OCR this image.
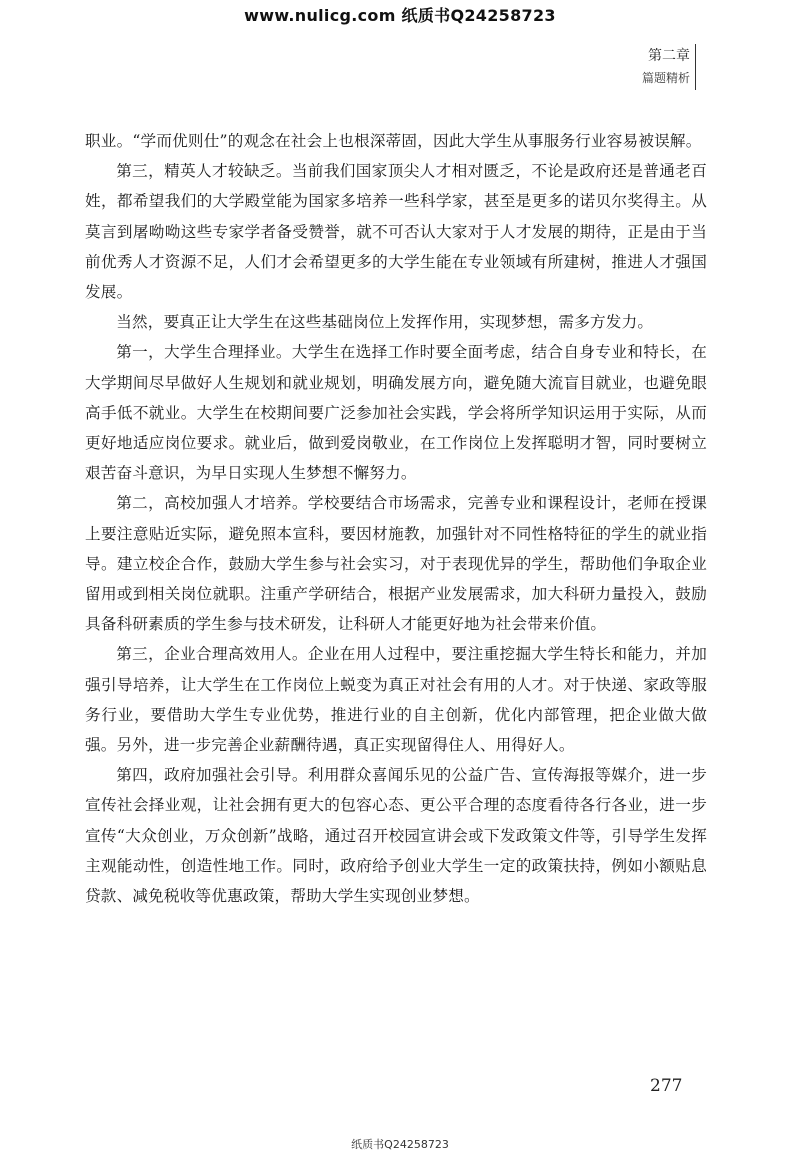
www.nulicg.com 纸质书Q24258723
第二章
篇题精析

职业。“学而优则仕”的观念在社会上也根深蒂固，因此大学生从事服务行业容易被误解。

第三，精英人才较缺乏。当前我们国家顶尖人才相对匮乏，不论是政府还是普通老百姓，都希望我们的大学殿堂能为国家多培养一些科学家，甚至是更多的诺贝尔奖得主。从莫言到屠呦呦这些专家学者备受赞誉，就不可否认大家对于人才发展的期待，正是由于当前优秀人才资源不足，人们才会希望更多的大学生能在专业领域有所建树，推进人才强国发展。

当然，要真正让大学生在这些基础岗位上发挥作用，实现梦想，需多方发力。

第一，大学生合理择业。大学生在选择工作时要全面考虑，结合自身专业和特长，在大学期间尽早做好人生规划和就业规划，明确发展方向，避免随大流盲目就业，也避免眼高手低不就业。大学生在校期间要广泛参加社会实践，学会将所学知识运用于实际，从而更好地适应岗位要求。就业后，做到爱岗敬业，在工作岗位上发挥聪明才智，同时要树立艰苦奋斗意识，为早日实现人生梦想不懈努力。

第二，高校加强人才培养。学校要结合市场需求，完善专业和课程设计，老师在授课上要注意贴近实际，避免照本宣科，要因材施教，加强针对不同性格特征的学生的就业指导。建立校企合作，鼓励大学生参与社会实习，对于表现优异的学生，帮助他们争取企业留用或到相关岗位就职。注重产学研结合，根据产业发展需求，加大科研力量投入，鼓励具备科研素质的学生参与技术研发，让科研人才能更好地为社会带来价值。

第三，企业合理高效用人。企业在用人过程中，要注重挖掘大学生特长和能力，并加强引导培养，让大学生在工作岗位上蜕变为真正对社会有用的人才。对于快递、家政等服务行业，要借助大学生专业优势，推进行业的自主创新，优化内部管理，把企业做大做强。另外，进一步完善企业薪酬待遇，真正实现留得住人、用得好人。

第四，政府加强社会引导。利用群众喜闻乐见的公益广告、宣传海报等媒介，进一步宣传社会择业观，让社会拥有更大的包容心态、更公平合理的态度看待各行各业，进一步宣传“大众创业，万众创新”战略，通过召开校园宣讲会或下发政策文件等，引导学生发挥主观能动性，创造性地工作。同时，政府给予创业大学生一定的政策扶持，例如小额贴息贷款、减免税收等优惠政策，帮助大学生实现创业梦想。

277
纸质书Q24258723
